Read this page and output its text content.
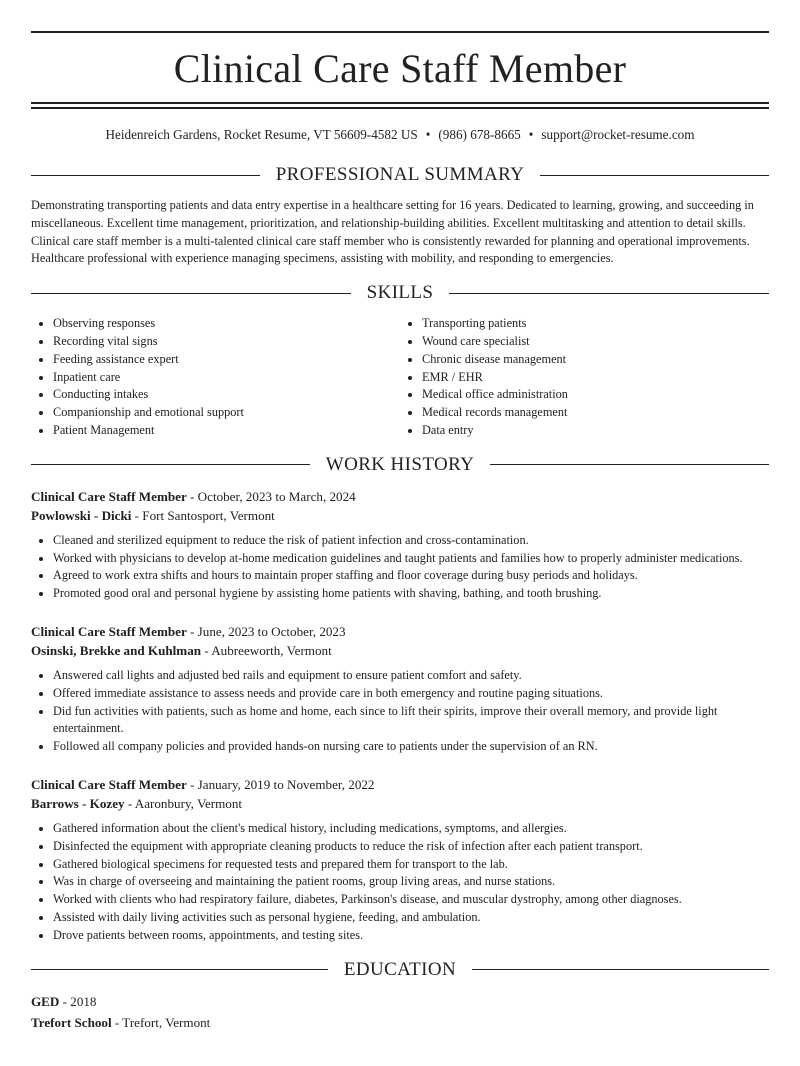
Clinical Care Staff Member
Heidenreich Gardens, Rocket Resume, VT 56609-4582 US • (986) 678-8665 • support@rocket-resume.com
PROFESSIONAL SUMMARY

Demonstrating transporting patients and data entry expertise in a healthcare setting for 16 years. Dedicated to learning, growing, and succeeding in miscellaneous. Excellent time management, prioritization, and relationship-building abilities. Excellent multitasking and attention to detail skills. Clinical care staff member is a multi-talented clinical care staff member who is consistently rewarded for planning and operational improvements. Healthcare professional with experience managing specimens, assisting with mobility, and responding to emergencies.

SKILLS
• Observing responses
• Recording vital signs
• Feeding assistance expert
• Inpatient care
• Conducting intakes
• Companionship and emotional support
• Patient Management
• Transporting patients
• Wound care specialist
• Chronic disease management
• EMR / EHR
• Medical office administration
• Medical records management
• Data entry
WORK HISTORY

Clinical Care Staff Member - October, 2023 to March, 2024

Powlowski - Dicki - Fort Santosport, Vermont

• Cleaned and sterilized equipment to reduce the risk of patient infection and cross-contamination.
• Worked with physicians to develop at-home medication guidelines and taught patients and families how to properly administer medications.
• Agreed to work extra shifts and hours to maintain proper staffing and floor coverage during busy periods and holidays.
• Promoted good oral and personal hygiene by assisting home patients with shaving, bathing, and tooth brushing.

Clinical Care Staff Member - June, 2023 to October, 2023

Osinski, Brekke and Kuhlman - Aubreeworth, Vermont

• Answered call lights and adjusted bed rails and equipment to ensure patient comfort and safety.
• Offered immediate assistance to assess needs and provide care in both emergency and routine paging situations.
• Did fun activities with patients, such as home and home, each since to lift their spirits, improve their overall memory, and provide light entertainment.
• Followed all company policies and provided hands-on nursing care to patients under the supervision of an RN.

Clinical Care Staff Member - January, 2019 to November, 2022

Barrows - Kozey - Aaronbury, Vermont

• Gathered information about the client's medical history, including medications, symptoms, and allergies.
• Disinfected the equipment with appropriate cleaning products to reduce the risk of infection after each patient transport.
• Gathered biological specimens for requested tests and prepared them for transport to the lab.
• Was in charge of overseeing and maintaining the patient rooms, group living areas, and nurse stations.
• Worked with clients who had respiratory failure, diabetes, Parkinson's disease, and muscular dystrophy, among other diagnoses.
• Assisted with daily living activities such as personal hygiene, feeding, and ambulation.
• Drove patients between rooms, appointments, and testing sites.
EDUCATION

GED - 2018

Trefort School - Trefort, Vermont
